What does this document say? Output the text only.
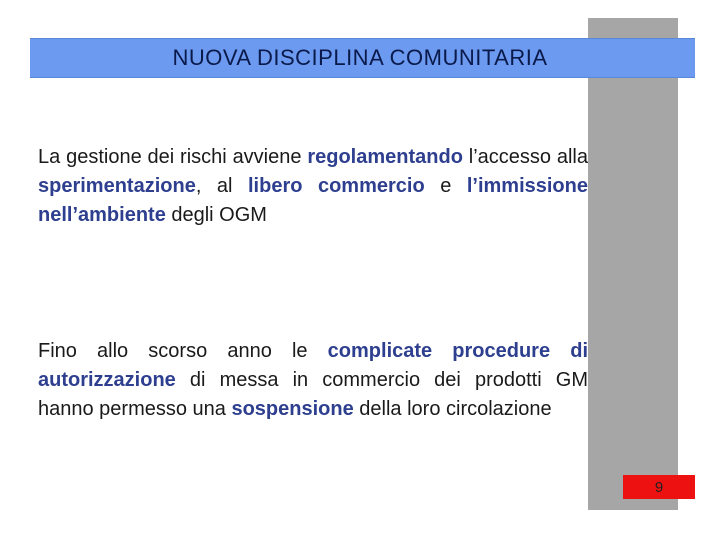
NUOVA DISCIPLINA COMUNITARIA
La gestione dei rischi avviene regolamentando l’accesso alla sperimentazione, al libero commercio e l’immissione nell’ambiente degli OGM
Fino allo scorso anno le complicate procedure di autorizzazione di messa in commercio dei prodotti GM hanno permesso una sospensione della loro circolazione
9
